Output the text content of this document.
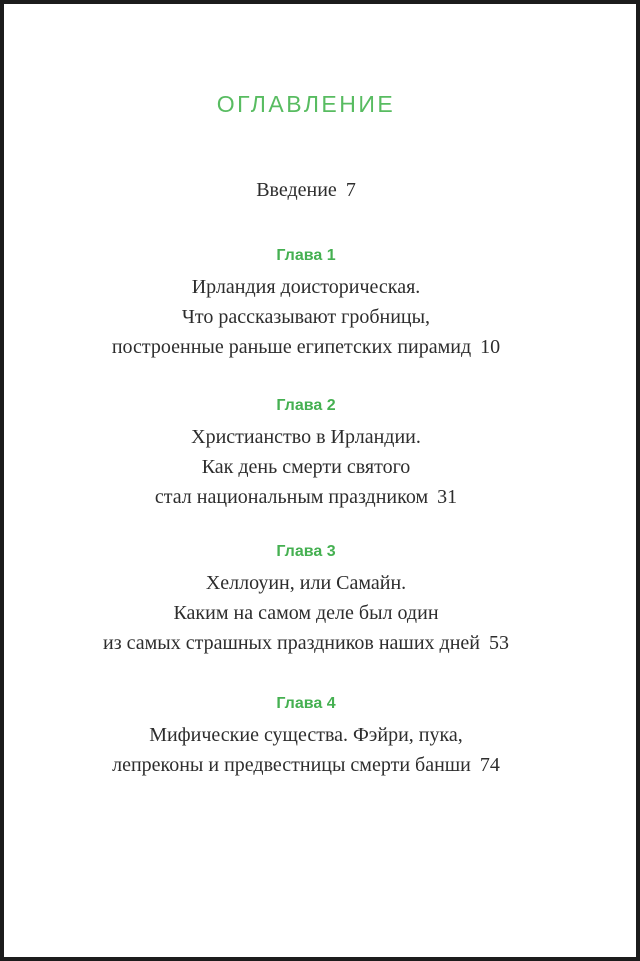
ОГЛАВЛЕНИЕ
Введение 7
Глава 1
Ирландия доисторическая.
Что рассказывают гробницы,
построенные раньше египетских пирамид 10
Глава 2
Христианство в Ирландии.
Как день смерти святого
стал национальным праздником 31
Глава 3
Хеллоуин, или Самайн.
Каким на самом деле был один
из самых страшных праздников наших дней 53
Глава 4
Мифические существа. Фэйри, пука,
лепреконы и предвестницы смерти банши 74
